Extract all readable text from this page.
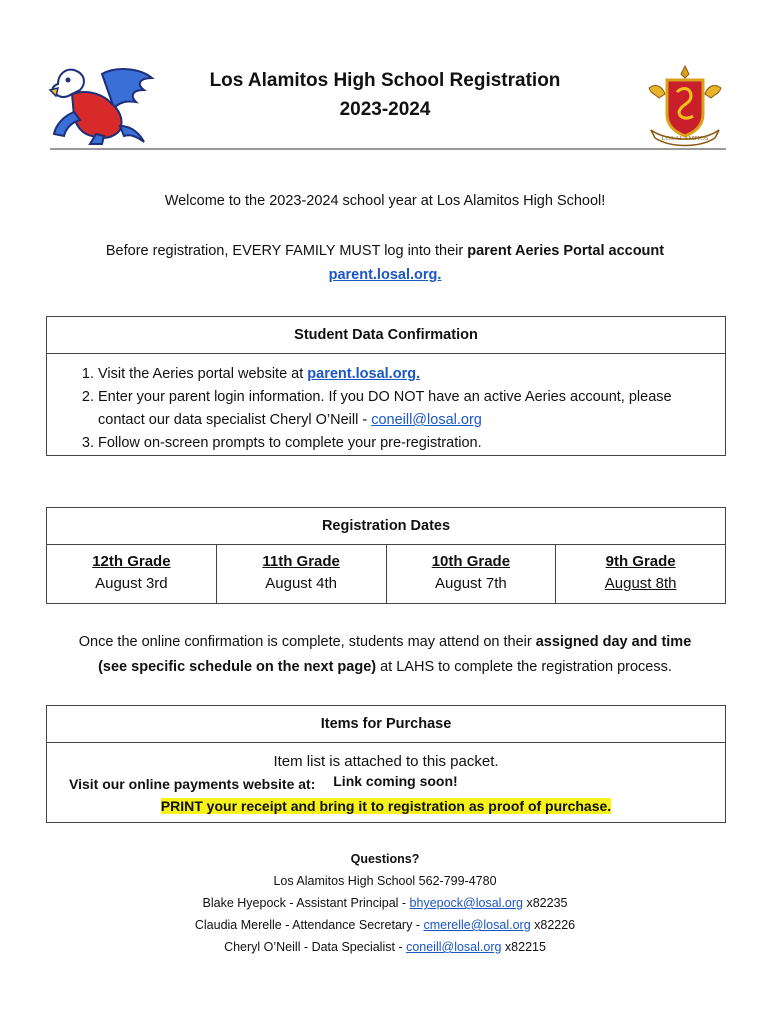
LOS ALAMITOS
Los Alamitos High School Registration
2023-2024
Welcome to the 2023-2024 school year at Los Alamitos High School!
Before registration, EVERY FAMILY MUST log into their parent Aeries Portal account
parent.losal.org.
Student Data Confirmation
1. Visit the Aeries portal website at parent.losal.org.
2. Enter your parent login information. If you DO NOT have an active Aeries account, please contact our data specialist Cheryl O’Neill - coneill@losal.org
3. Follow on-screen prompts to complete your pre-registration.
Registration Dates
12th Grade
August 3rd
11th Grade
August 4th
10th Grade
August 7th
9th Grade
August 8th
Once the online confirmation is complete, students may attend on their assigned day and time
(see specific schedule on the next page) at LAHS to complete the registration process.
Items for Purchase
Item list is attached to this packet.
Visit our online payments website at: Link coming soon!
PRINT your receipt and bring it to registration as proof of purchase.
Questions?
Los Alamitos High School 562-799-4780
Blake Hyepock - Assistant Principal - bhyepock@losal.org x82235
Claudia Merelle - Attendance Secretary - cmerelle@losal.org x82226
Cheryl O’Neill - Data Specialist - coneill@losal.org x82215
